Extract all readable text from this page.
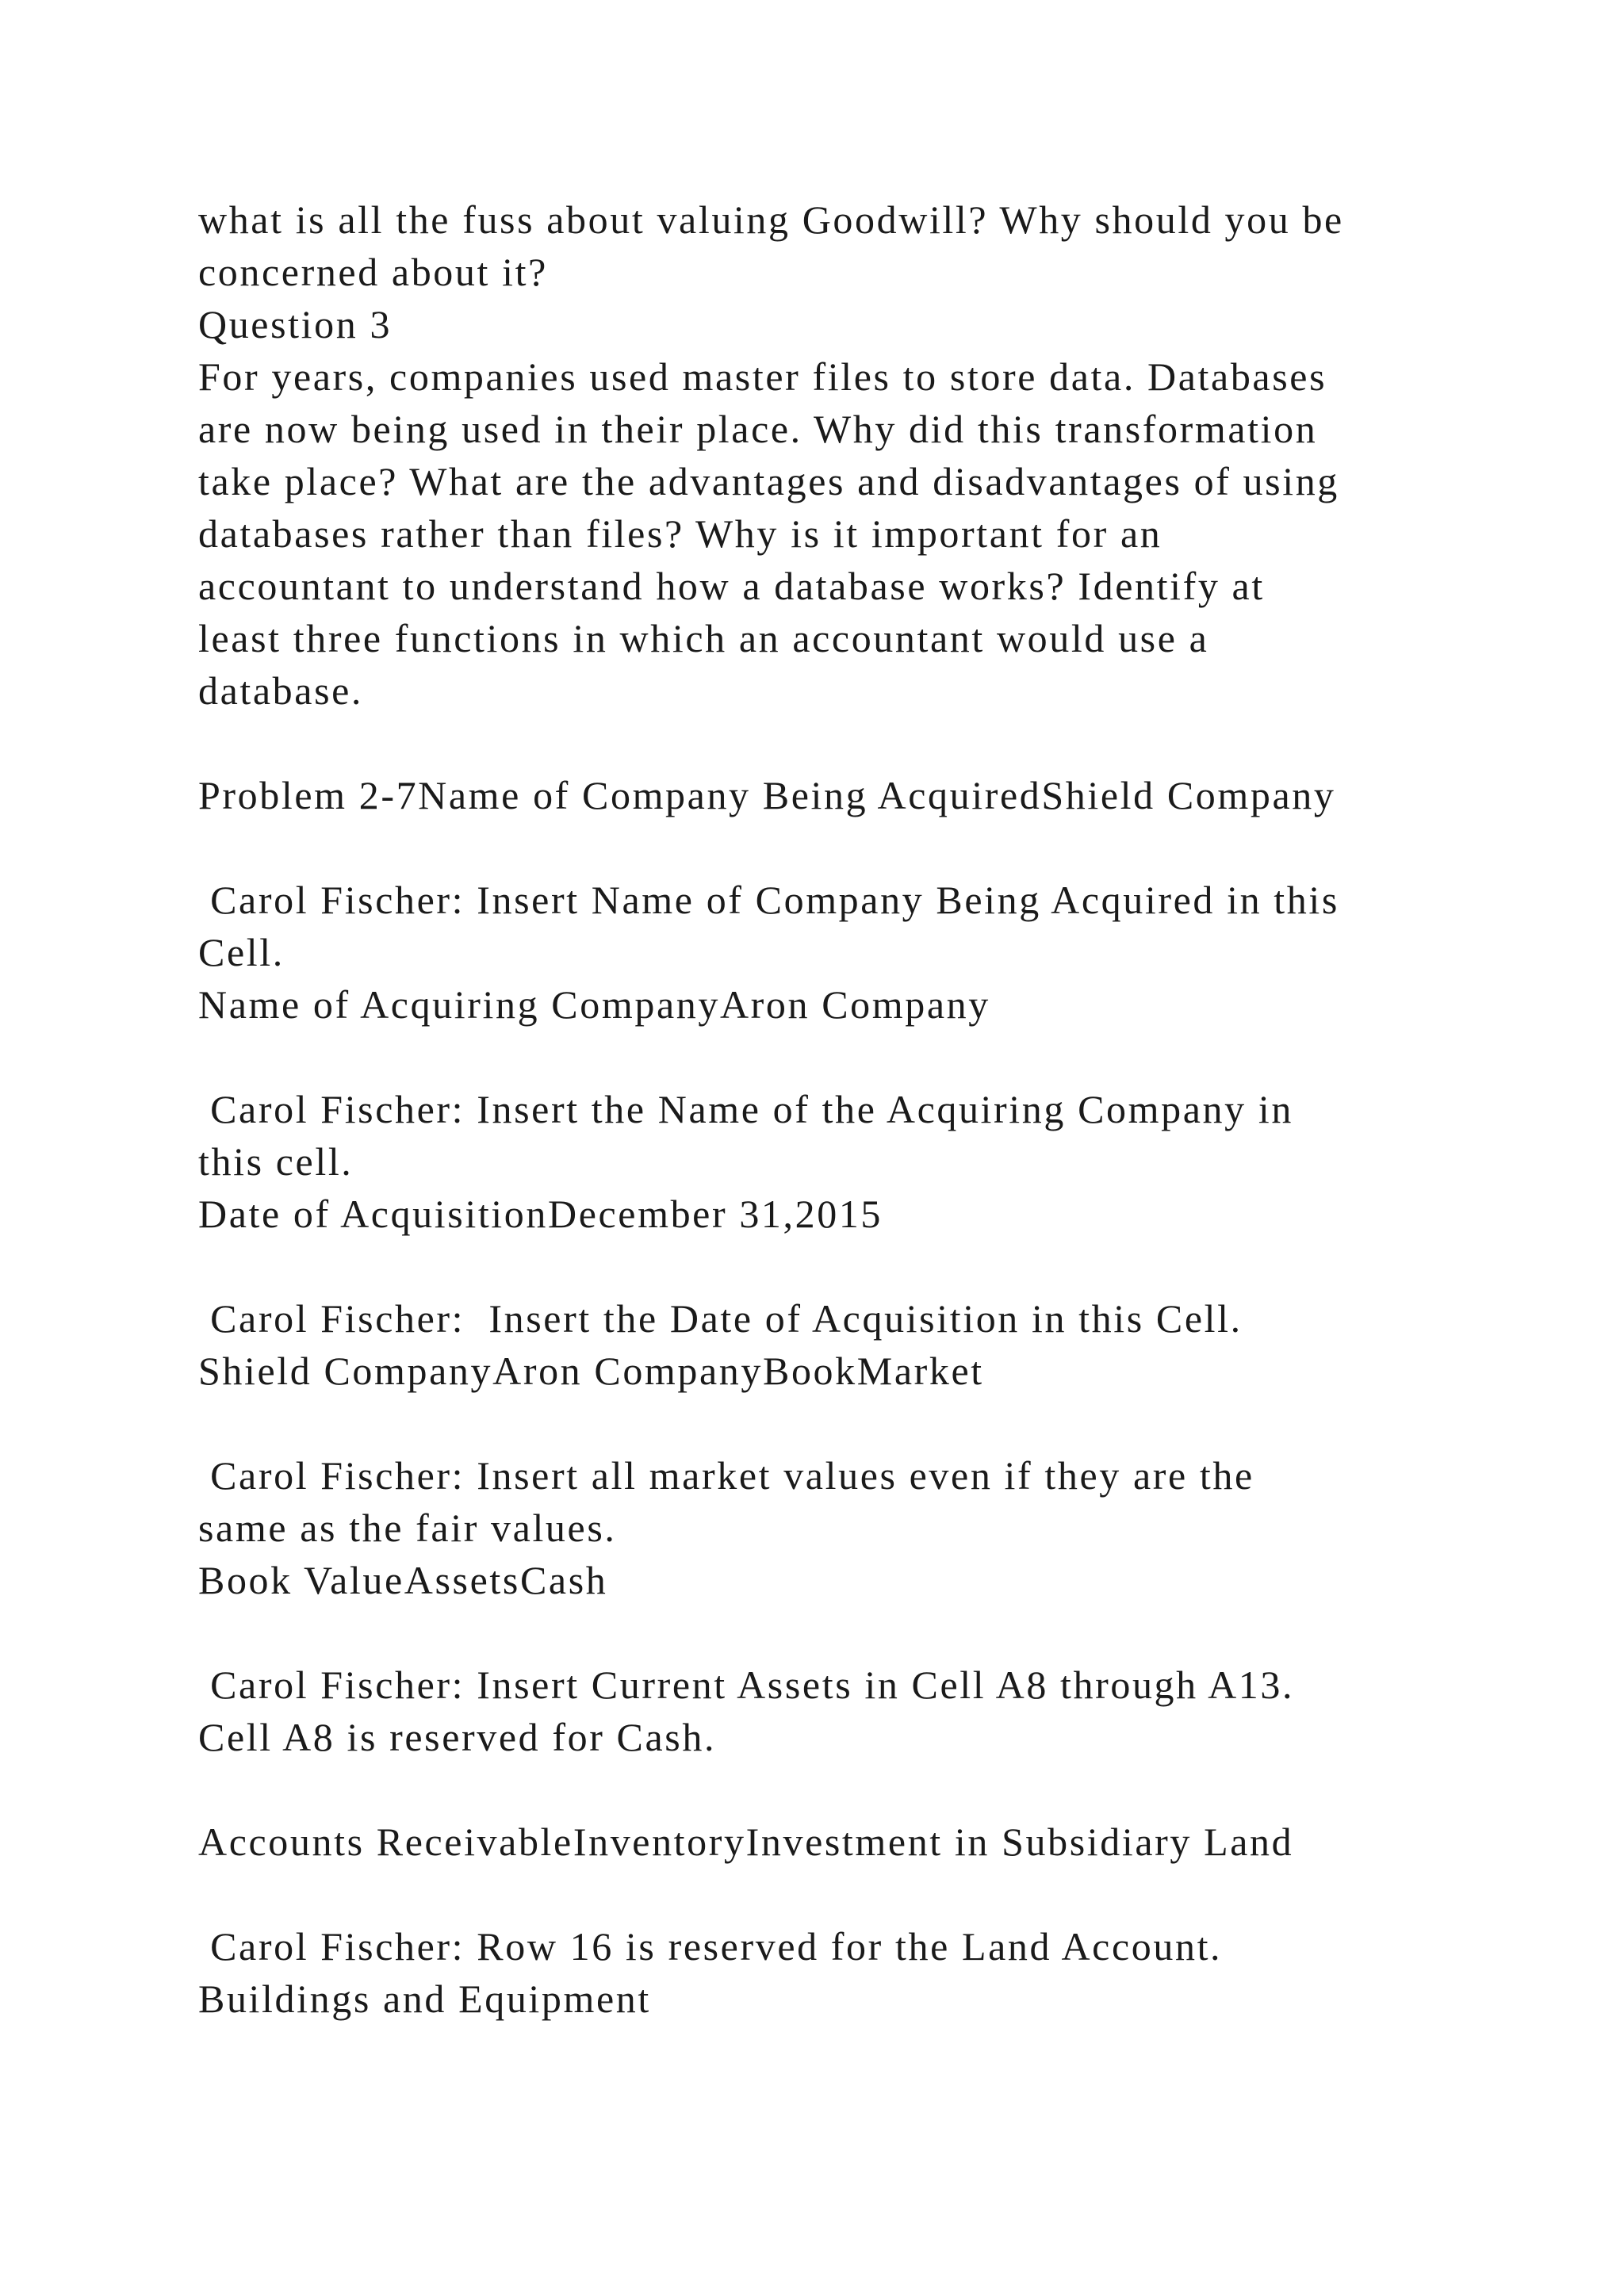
what is all the fuss about valuing Goodwill? Why should you be
concerned about it?
Question 3
For years, companies used master files to store data. Databases
are now being used in their place. Why did this transformation
take place? What are the advantages and disadvantages of using
databases rather than files? Why is it important for an
accountant to understand how a database works? Identify at
least three functions in which an accountant would use a
database.
Problem 2-7Name of Company Being AcquiredShield Company
Carol Fischer: Insert Name of Company Being Acquired in this
Cell.
Name of Acquiring CompanyAron Company
Carol Fischer: Insert the Name of the Acquiring Company in
this cell.
Date of AcquisitionDecember 31,2015
Carol Fischer:  Insert the Date of Acquisition in this Cell.
Shield CompanyAron CompanyBookMarket
Carol Fischer: Insert all market values even if they are the
same as the fair values.
Book ValueAssetsCash
Carol Fischer: Insert Current Assets in Cell A8 through A13.
Cell A8 is reserved for Cash.
Accounts ReceivableInventoryInvestment in Subsidiary Land
Carol Fischer: Row 16 is reserved for the Land Account.
Buildings and Equipment
